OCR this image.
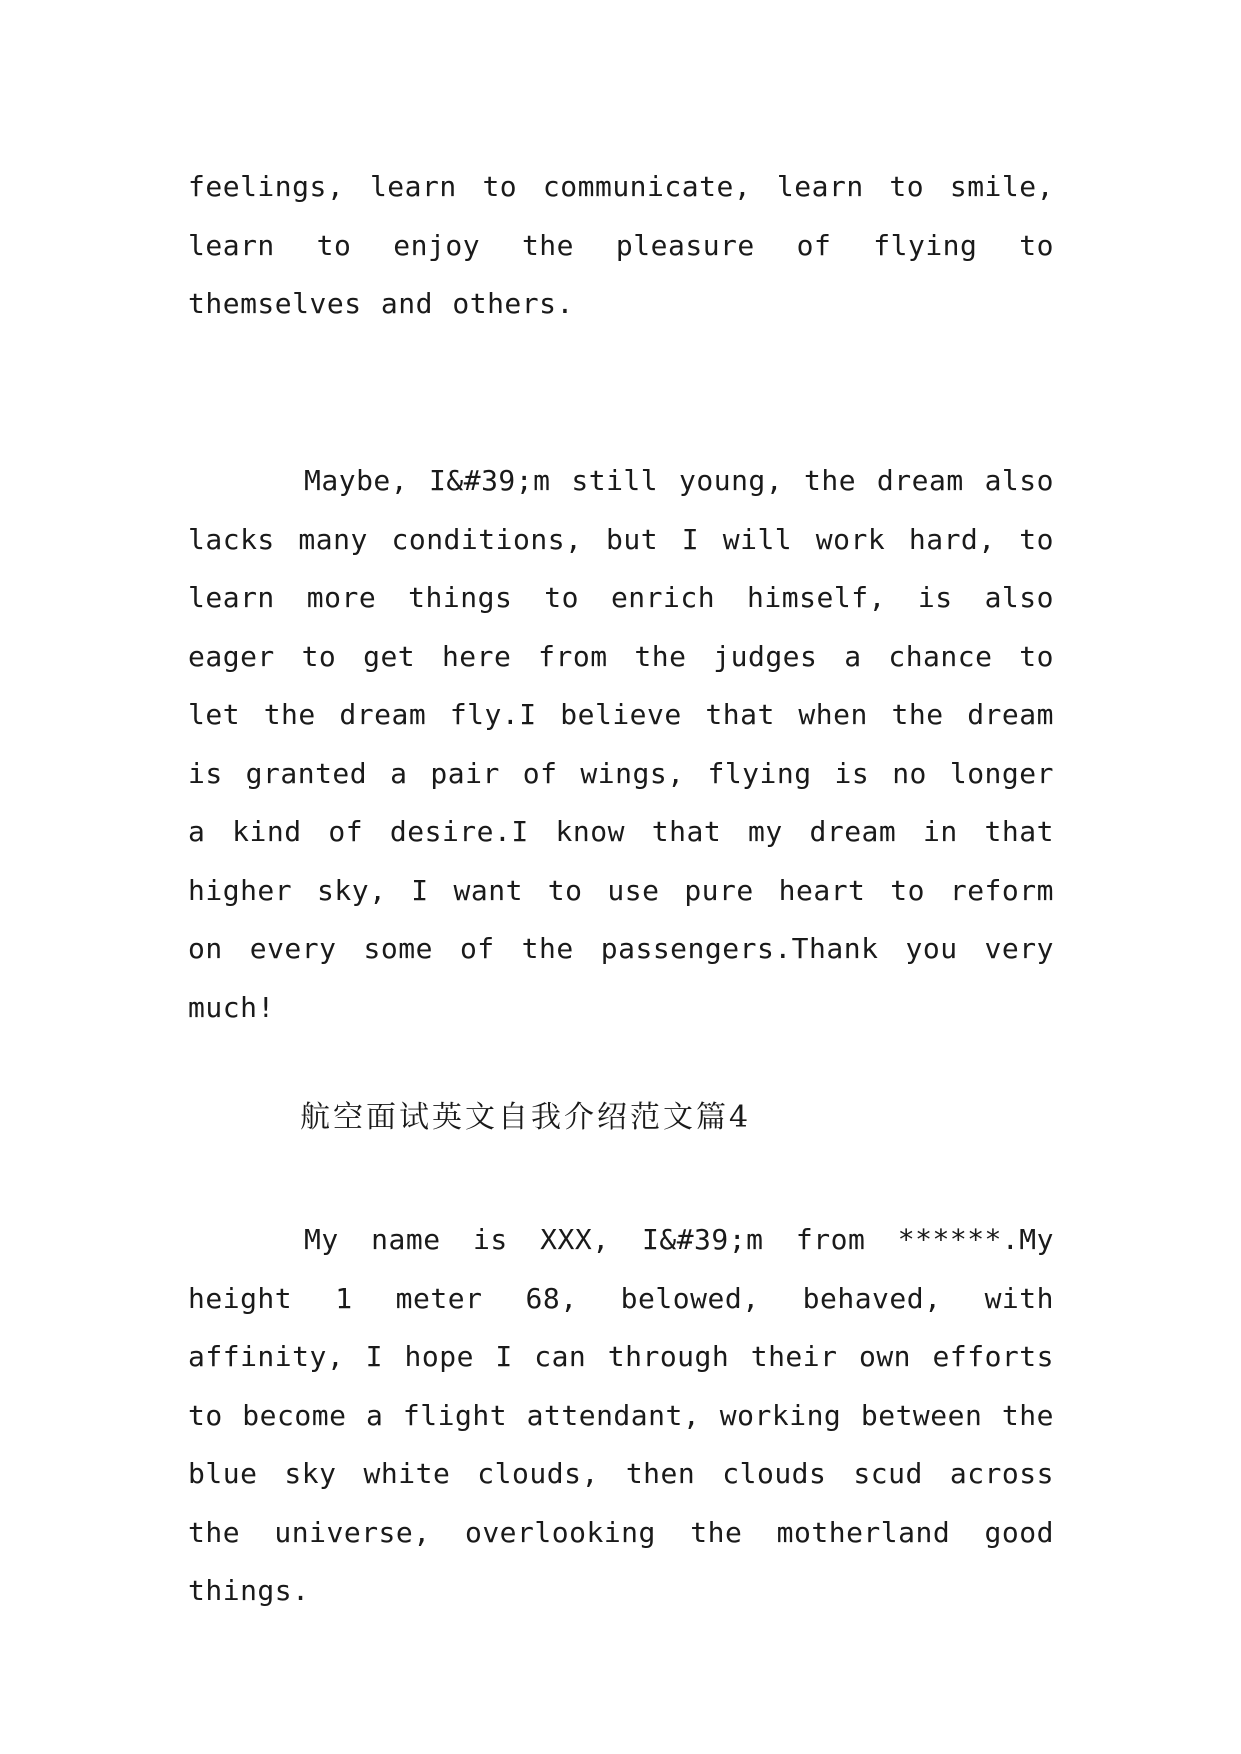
feelings, learn to communicate, learn to smile, learn to enjoy the pleasure of flying to themselves and others.

Maybe, I&#39;m still young, the dream also lacks many conditions, but I will work hard, to learn more things to enrich himself, is also eager to get here from the judges a chance to let the dream fly.I believe that when the dream is granted a pair of wings, flying is no longer a kind of desire.I know that my dream in that higher sky, I want to use pure heart to reform on every some of the passengers.Thank you very much!

航空面试英文自我介绍范文篇4

My name is XXX, I&#39;m from ******.My height 1 meter 68, belowed, behaved, with affinity, I hope I can through their own efforts to become a flight attendant, working between the blue sky white clouds, then clouds scud across the universe, overlooking the motherland good things.
